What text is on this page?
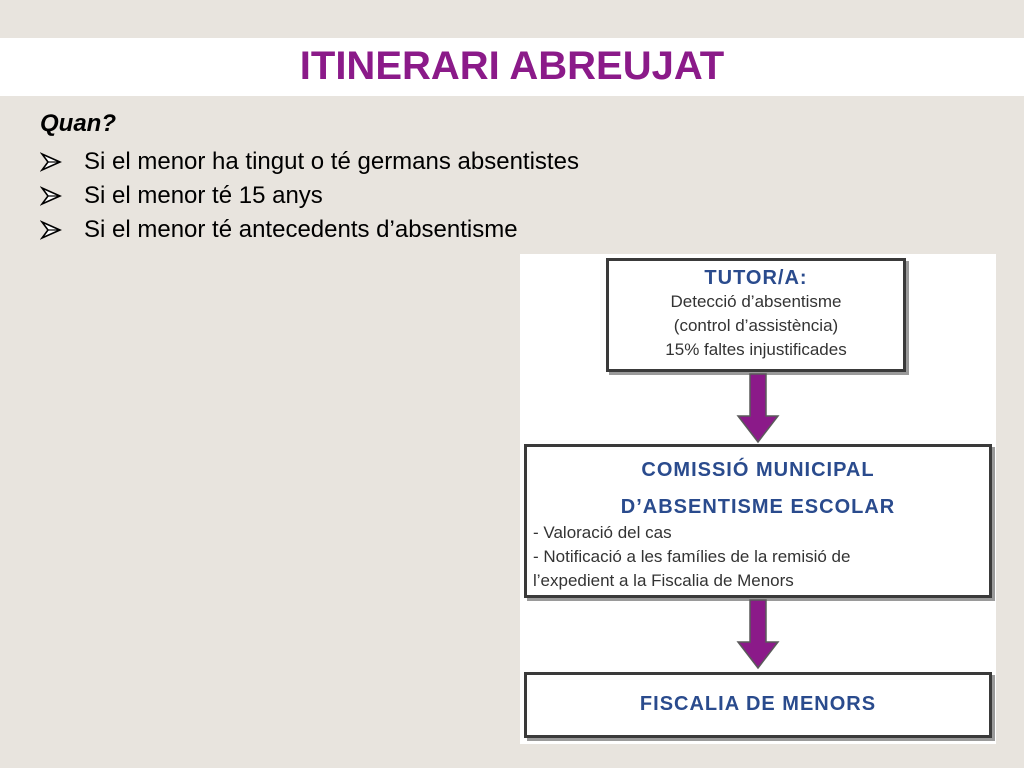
ITINERARI ABREUJAT
Quan?
Si el menor ha tingut o té germans absentistes
Si el menor té 15 anys
Si el menor té antecedents d’absentisme
TUTOR/A:
Detecció d’absentisme
(control d’assistència)
15% faltes injustificades
COMISSIÓ MUNICIPAL
D’ABSENTISME ESCOLAR
- Valoració del cas
- Notificació a les famílies de la remisió de
l’expedient a la Fiscalia de Menors
FISCALIA DE MENORS
